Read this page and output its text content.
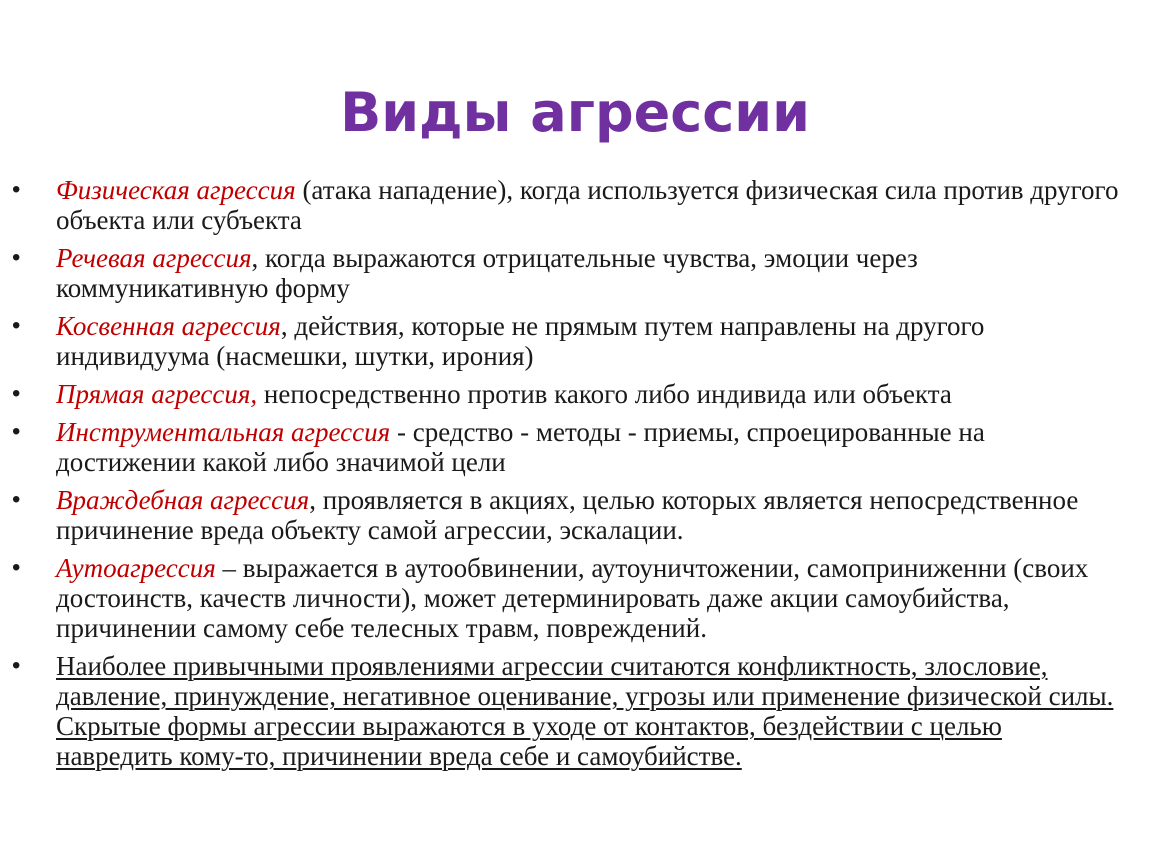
Виды агрессии
•	Физическая агрессия (атака нападение), когда используется физическая сила против другого объекта или субъекта
•	Речевая агрессия, когда выражаются отрицательные чувства, эмоции через коммуникативную форму
•	Косвенная агрессия, действия, которые не прямым путем направлены на другого индивидуума (насмешки, шутки, ирония)
•	Прямая агрессия, непосредственно против какого либо индивида или объекта
•	Инструментальная агрессия - средство - методы - приемы, спроецированные на достижении какой либо значимой цели
•	Враждебная агрессия, проявляется в акциях, целью которых является непосредственное причинение вреда объекту самой агрессии, эскалации.
•	Аутоагрессия – выражается в аутообвинении, аутоуничтожении, самоприниженни (своих достоинств, качеств личности), может детерминировать даже акции самоубийства, причинении самому себе телесных травм, повреждений.
•	Наиболее привычными проявлениями агрессии считаются конфликтность, злословие, давление, принуждение, негативное оценивание, угрозы или применение физической силы. Скрытые формы агрессии выражаются в уходе от контактов, бездействии с целью навредить кому-то, причинении вреда себе и самоубийстве.
